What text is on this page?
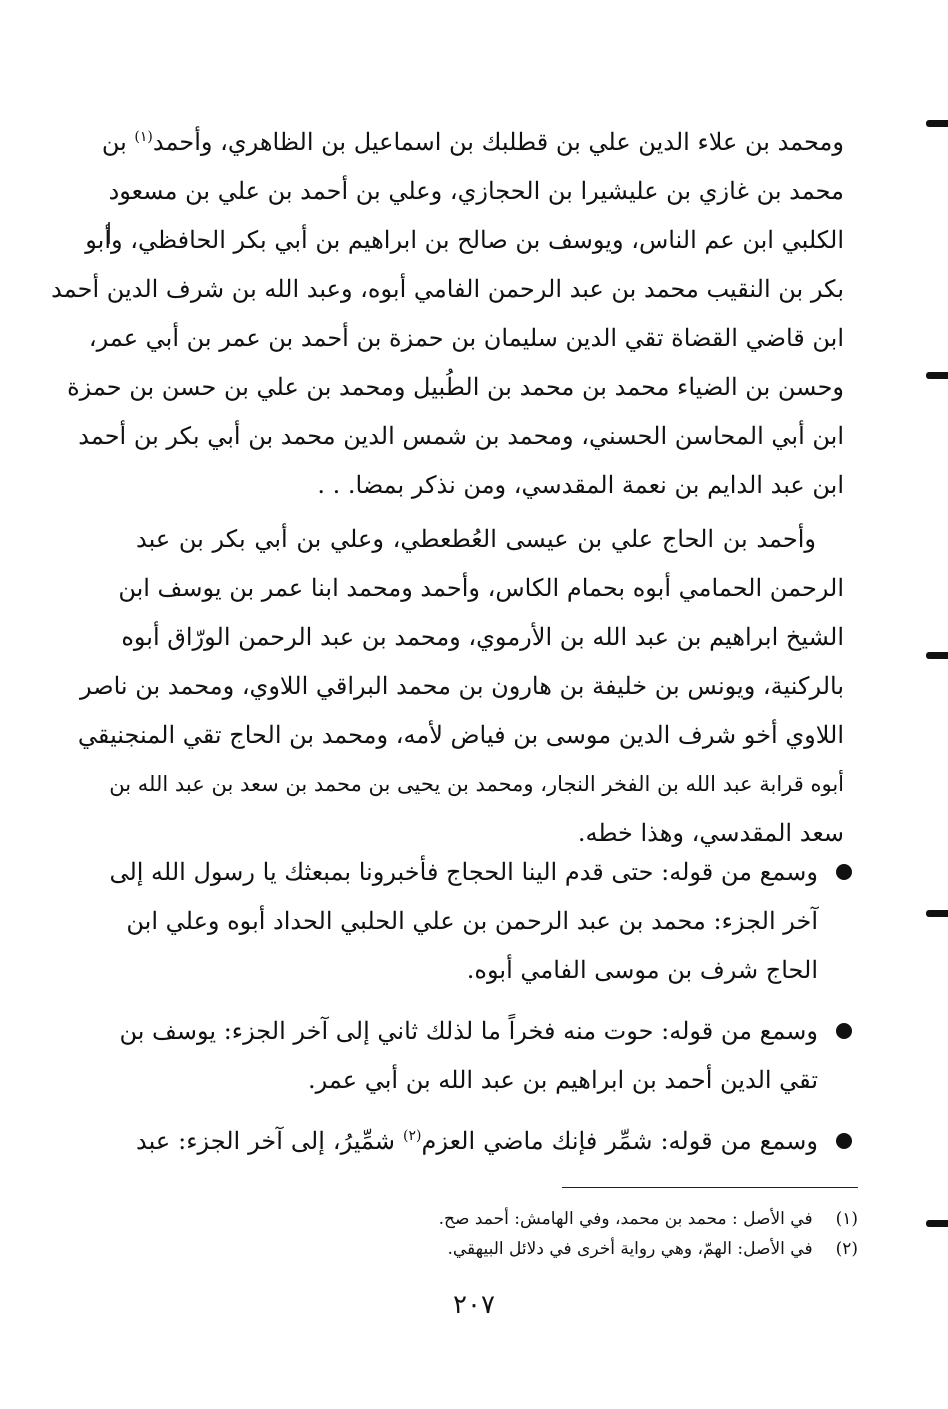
ومحمد بن علاء الدين علي بن قطلبك بن اسماعيل بن الظاهري، وأحمد$^{(١)}$ بن
محمد بن غازي بن عليشيرا بن الحجازي، وعلي بن أحمد بن علي بن مسعود
الكلبي ابن عم الناس، ويوسف بن صالح بن ابراهيم بن أبي بكر الحافظي، وأبو
بكر بن النقيب محمد بن عبد الرحمن الفامي أبوه، وعبد الله بن شرف الدين أحمد
ابن قاضي القضاة تقي الدين سليمان بن حمزة بن أحمد بن عمر بن أبي عمر،
وحسن بن الضياء محمد بن محمد بن الطُبيل ومحمد بن علي بن حسن بن حمزة
ابن أبي المحاسن الحسني، ومحمد بن شمس الدين محمد بن أبي بكر بن أحمد
ابن عبد الدايم بن نعمة المقدسي، ومن نذكر بمضا. . .
وأحمد بن الحاج علي بن عيسى العُطعطي، وعلي بن أبي بكر بن عبد
الرحمن الحمامي أبوه بحمام الكاس، وأحمد ومحمد ابنا عمر بن يوسف ابن
الشيخ ابراهيم بن عبد الله بن الأرموي، ومحمد بن عبد الرحمن الورّاق أبوه
بالركنية، ويونس بن خليفة بن هارون بن محمد البراقي اللاوي، ومحمد بن ناصر
اللاوي أخو شرف الدين موسى بن فياض لأمه، ومحمد بن الحاج تقي المنجنيقي
أبوه قرابة عبد الله بن الفخر النجار، ومحمد بن يحيى بن محمد بن سعد بن عبد الله بن
سعد المقدسي، وهذا خطه.
وسمع من قوله: حتى قدم الينا الحجاج فأخبرونا بمبعثك يا رسول الله إلى
آخر الجزء: محمد بن عبد الرحمن بن علي الحلبي الحداد أبوه وعلي ابن
الحاج شرف بن موسى الفامي أبوه.
وسمع من قوله: حوت منه فخراً ما لذلك ثاني إلى آخر الجزء: يوسف بن
تقي الدين أحمد بن ابراهيم بن عبد الله بن أبي عمر.
وسمع من قوله: شمِّر فإنك ماضي العزم$^{(٢)}$ شمِّيرُ، إلى آخر الجزء: عبد
(١) في الأصل : محمد بن محمد، وفي الهامش: أحمد صح.
(٢) في الأصل: الهمّ، وهي رواية أخرى في دلائل البيهقي.
٢٠٧
